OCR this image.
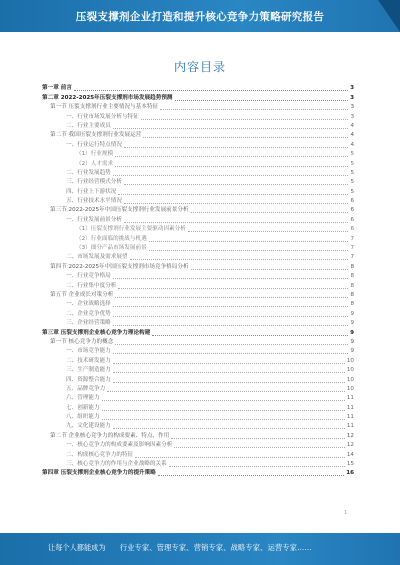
压裂支撑剂企业打造和提升核心竞争力策略研究报告
内容目录
第一章 前言	3
第二章 2022-2025年压裂支撑剂市场发展趋势预测	3
第一节 压裂支撑剂行业主要情况与基本特征	3
一、行业市场发展分析与特征	3
二、行业主要成员	4
第二节 我国压裂支撑剂行业发展运营	4
一、行业运行特点情况	4
（1）行业规模	5
（2）人才需求	5
二、行业发展趋势	5
三、行业经营模式分析	5
四、行业上下游状况	5
五、行业技术水平情况	6
第三节 2022-2025年中国压裂支撑剂行业发展前景分析	6
一、行业发展前景分析	6
（1）压裂支撑剂行业发展主要驱动因素分析	6
（2）行业面临的挑战与机遇	7
（3）细分产品市场发展前景	7
二、市场发展及需求展望	7
第四节 2022-2025年中国压裂支撑剂市场竞争格局分析	8
一、行业竞争格局	8
二、行业集中度分析	8
第五节 企业成长对策分析	8
一、企业战略选择	8
二、企业竞争优势	9
三、企业经营策略	9
第三章 压裂支撑剂企业核心竞争力理论构建	9
第一节 核心竞争力的概念	9
一、市场竞争能力	9
二、技术研发能力	10
三、生产制造能力	10
四、资源整合能力	10
五、品牌竞争力	10
六、管理能力	11
七、创新能力	11
八、组织能力	11
九、文化建设能力	11
第二节 企业核心竞争力的构成要素、特点、作用	12
一、核心竞争力的构成要素及影响因素分析	12
二、构成核心竞争力的特征	14
三、核心竞争力的作用与企业战略的关系	15
第四章 压裂支撑剂企业核心竞争力的提升策略	16
1
让每个人都能成为 行业专家、管理专家、营销专家、战略专家、运营专家……
